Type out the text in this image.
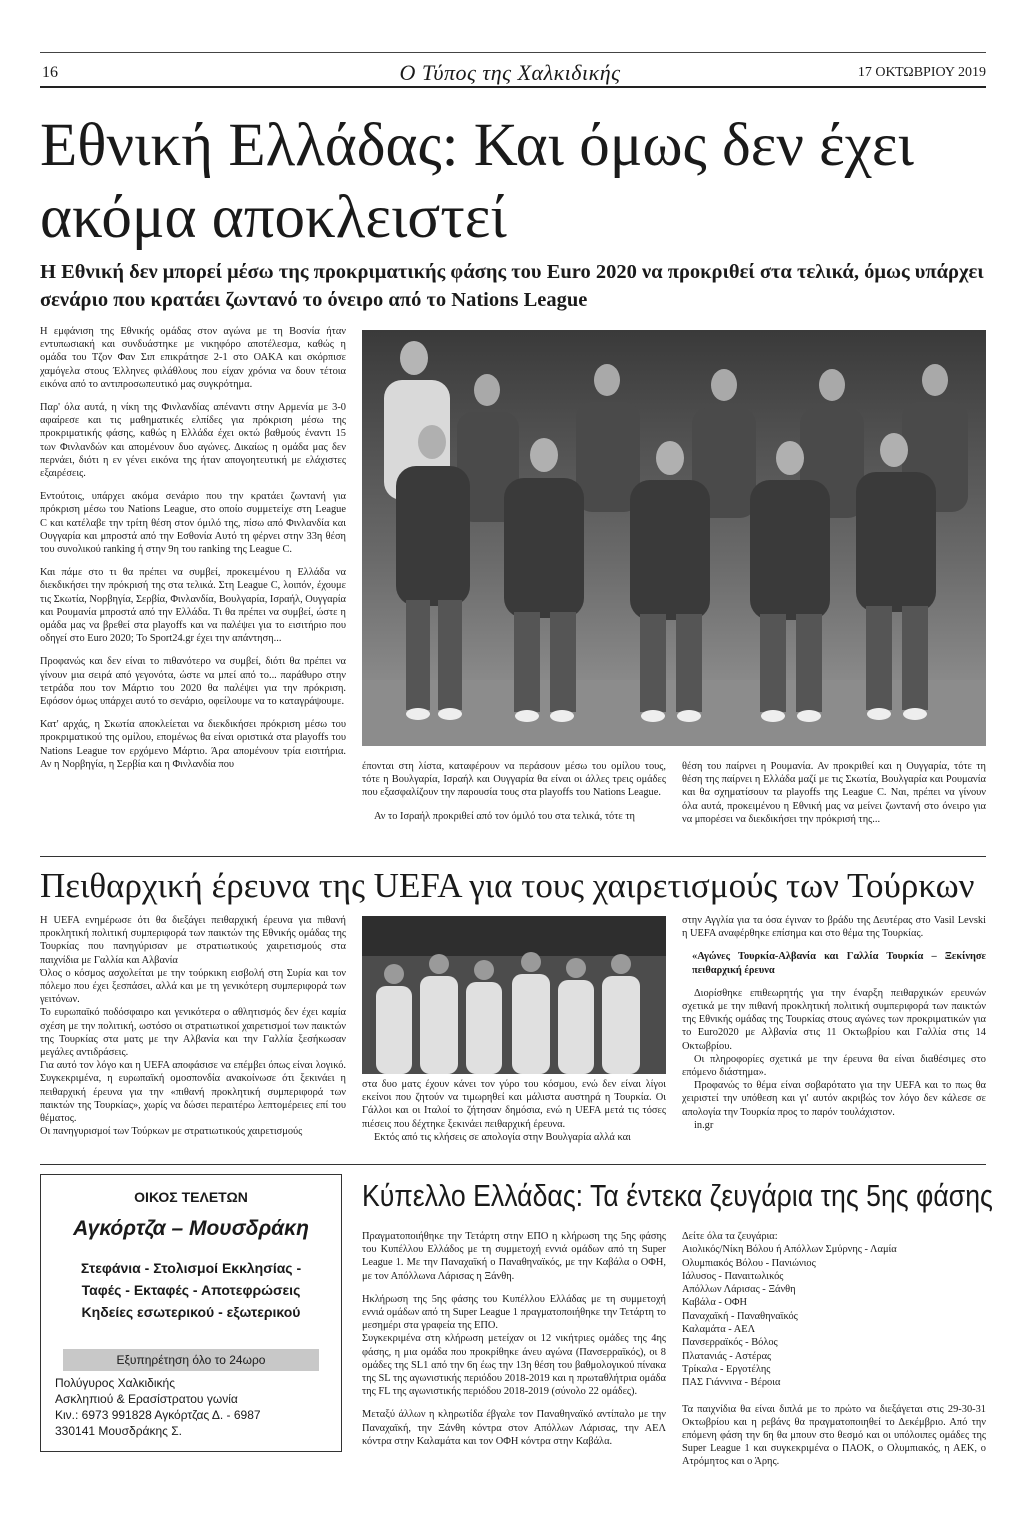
16	Ο Τύπος της Χαλκιδικής	17 ΟΚΤΩΒΡΙΟΥ 2019
Εθνική Ελλάδας: Και όμως δεν έχει
ακόμα αποκλειστεί
Η Εθνική δεν μπορεί μέσω της προκριματικής φάσης του Euro 2020 να προκριθεί στα τελικά, όμως υπάρχει σενάριο που κρατάει ζωντανό το όνειρο από το Nations League

Η εμφάνιση της Εθνικής ομάδας στον αγώνα με τη Βοσνία ήταν εντυπωσιακή και συνδυάστηκε με νικηφόρο αποτέλεσμα, καθώς η ομάδα του Τζον Φαν Σιπ επικράτησε 2-1 στο ΟΑΚΑ και σκόρπισε χαμόγελα στους Έλληνες φιλάθλους που είχαν χρόνια να δουν τέτοια εικόνα από το αντιπροσωπευτικό μας συγκρότημα.

Παρ' όλα αυτά, η νίκη της Φινλανδίας απέναντι στην Αρμενία με 3-0 αφαίρεσε και τις μαθηματικές ελπίδες για πρόκριση μέσω της προκριματικής φάσης, καθώς η Ελλάδα έχει οκτώ βαθμούς έναντι 15 των Φινλανδών και απομένουν δυο αγώνες. Δικαίως η ομάδα μας δεν περνάει, διότι η εν γένει εικόνα της ήταν απογοητευτική με ελάχιστες εξαιρέσεις.

Εντούτοις, υπάρχει ακόμα σενάριο που την κρατάει ζωντανή για πρόκριση μέσω του Nations League, στο οποίο συμμετείχε στη League C και κατέλαβε την τρίτη θέση στον όμιλό της, πίσω από Φινλανδία και Ουγγαρία και μπροστά από την Εσθονία Αυτό τη φέρνει στην 33η θέση του συνολικού ranking ή στην 9η του ranking της League C.

Και πάμε στο τι θα πρέπει να συμβεί, προκειμένου η Ελλάδα να διεκδικήσει την πρόκρισή της στα τελικά. Στη League C, λοιπόν, έχουμε τις Σκωτία, Νορβηγία, Σερβία, Φινλανδία, Βουλγαρία, Ισραήλ, Ουγγαρία και Ρουμανία μπροστά από την Ελλάδα. Τι θα πρέπει να συμβεί, ώστε η ομάδα μας να βρεθεί στα playoffs και να παλέψει για το εισιτήριο που οδηγεί στο Euro 2020; Το Sport24.gr έχει την απάντηση...

Προφανώς και δεν είναι το πιθανότερο να συμβεί, διότι θα πρέπει να γίνουν μια σειρά από γεγονότα, ώστε να μπεί από το... παράθυρο στην τετράδα που τον Μάρτιο του 2020 θα παλέψει για την πρόκριση. Εφόσον όμως υπάρχει αυτό το σενάριο, οφείλουμε να το καταγράψουμε.

Κατ' αρχάς, η Σκωτία αποκλείεται να διεκδικήσει πρόκριση μέσω του προκριματικού της ομίλου, επομένως θα είναι οριστικά στα playoffs του Nations League τον ερχόμενο Μάρτιο. Άρα απομένουν τρία εισιτήρια. Αν η Νορβηγία, η Σερβία και η Φινλανδία που	έπονται στη λίστα, καταφέρουν να περάσουν μέσω του ομίλου τους, τότε η Βουλγαρία, Ισραήλ και Ουγγαρία θα είναι οι άλλες τρεις ομάδες που εξασφαλίζουν την παρουσία τους στα playoffs του Nations League.

Αν το Ισραήλ προκριθεί από τον όμιλό του στα τελικά, τότε τη

θέση του παίρνει η Ρουμανία. Αν προκριθεί και η Ουγγαρία, τότε τη θέση της παίρνει η Ελλάδα μαζί με τις Σκωτία, Βουλγαρία και Ρουμανία και θα σχηματίσουν τα playoffs της League C. Ναι, πρέπει να γίνουν όλα αυτά, προκειμένου η Εθνική μας να μείνει ζωντανή στο όνειρο για να μπορέσει να διεκδικήσει την πρόκρισή της...

Πειθαρχική έρευνα της UEFA για τους χαιρετισμούς των Τούρκων

Η UEFA ενημέρωσε ότι θα διεξάγει πειθαρχική έρευνα για πιθανή προκλητική πολιτική συμπεριφορά των παικτών της Εθνικής ομάδας της Τουρκίας που πανηγύρισαν με στρατιωτικούς χαιρετισμούς στα παιχνίδια με Γαλλία και Αλβανία

Όλος ο κόσμος ασχολείται με την τούρκικη εισβολή στη Συρία και τον πόλεμο που έχει ξεσπάσει, αλλά και με τη γενικότερη συμπεριφορά των γειτόνων.

Το ευρωπαϊκό ποδόσφαιρο και γενικότερα ο αθλητισμός δεν έχει καμία σχέση με την πολιτική, ωστόσο οι στρατιωτικοί χαιρετισμοί των παικτών της Τουρκίας στα ματς με την Αλβανία και την Γαλλία ξεσήκωσαν μεγάλες αντιδράσεις.

Για αυτό τον λόγο και η UEFA αποφάσισε να επέμβει όπως είναι λογικό. Συγκεκριμένα, η ευρωπαϊκή ομοσπονδία ανακοίνωσε ότι ξεκινάει η πειθαρχική έρευνα για την «πιθανή προκλητική συμπεριφορά των παικτών της Τουρκίας», χωρίς να δώσει περαιτέρω λεπτομέρειες επί του θέματος.

Οι πανηγυρισμοί των Τούρκων με στρατιωτικούς χαιρετισμούς

στα δυο ματς έχουν κάνει τον γύρο του κόσμου, ενώ δεν είναι λίγοι εκείνοι που ζητούν να τιμωρηθεί και μάλιστα αυστηρά η Τουρκία. Οι Γάλλοι και οι Ιταλοί το ζήτησαν δημόσια, ενώ η UEFA μετά τις τόσες πιέσεις που δέχτηκε ξεκινάει πειθαρχική έρευνα.

Εκτός από τις κλήσεις σε απολογία στην Βουλγαρία αλλά και

στην Αγγλία για τα όσα έγιναν το βράδυ της Δευτέρας στο Vasil Levski η UEFA αναφέρθηκε επίσημα και στο θέμα της Τουρκίας.

«Αγώνες Τουρκία-Αλβανία και Γαλλία Τουρκία – Ξεκίνησε πειθαρχική έρευνα

Διορίσθηκε επιθεωρητής για την έναρξη πειθαρχικών ερευνών σχετικά με την πιθανή προκλητική πολιτική συμπεριφορά των παικτών της Εθνικής ομάδας της Τουρκίας στους αγώνες των προκριματικών για το Euro2020 με Αλβανία στις 11 Οκτωβρίου και Γαλλία στις 14 Οκτωβρίου.

Οι πληροφορίες σχετικά με την έρευνα θα είναι διαθέσιμες στο επόμενο διάστημα».

Προφανώς το θέμα είναι σοβαρότατο για την UEFA και το πως θα χειριστεί την υπόθεση και γι' αυτόν ακριβώς τον λόγο δεν κάλεσε σε απολογία την Τουρκία προς το παρόν τουλάχιστον.

in.gr

ΟΙΚΟΣ ΤΕΛΕΤΩΝ
Αγκόρτζα – Μουσδράκη
Στεφάνια - Στολισμοί Εκκλησίας -
Ταφές - Εκταφές - Αποτεφρώσεις
Κηδείες εσωτερικού - εξωτερικού
Εξυπηρέτηση όλο το 24ωρο
Πολύγυρος Χαλκιδικής
Ασκληπιού & Ερασίστρατου γωνία
Κιν.: 6973 991828 Αγκόρτζας Δ. - 6987
330141 Μουσδράκης Σ.
Κύπελλο Ελλάδας: Τα έντεκα ζευγάρια της 5ης φάσης

Πραγματοποιήθηκε την Τετάρτη στην ΕΠΟ η κλήρωση της 5ης φάσης του Κυπέλλου Ελλάδος με τη συμμετοχή εννιά ομάδων από τη Super League 1. Με την Παναχαϊκή ο Παναθηναϊκός, με την Καβάλα ο ΟΦΗ, με τον Απόλλωνα Λάρισας η Ξάνθη.

Ηκλήρωση της 5ης φάσης του Κυπέλλου Ελλάδας με τη συμμετοχή εννιά ομάδων από τη Super League 1 πραγματοποιήθηκε την Τετάρτη το μεσημέρι στα γραφεία της ΕΠΟ.

Συγκεκριμένα στη κλήρωση μετείχαν οι 12 νικήτριες ομάδες της 4ης φάσης, η μια ομάδα που προκρίθηκε άνευ αγώνα (Πανσερραϊκός), οι 8 ομάδες της SL1 από την 6η έως την 13η θέση του βαθμολογικού πίνακα της SL της αγωνιστικής περιόδου 2018-2019 και η πρωταθλήτρια ομάδα της FL της αγωνιστικής περιόδου 2018-2019 (σύνολο 22 ομάδες).

Μεταξύ άλλων η κληρωτίδα έβγαλε τον Παναθηναϊκό αντίπαλο με την Παναχαϊκή, την Ξάνθη κόντρα στον Απόλλων Λάρισας, την ΑΕΛ κόντρα στην Καλαμάτα και τον ΟΦΗ κόντρα στην Καβάλα.

Δείτε όλα τα ζευγάρια:
Αιολικός/Νίκη Βόλου ή Απόλλων Σμύρνης - Λαμία
Ολυμπιακός Βόλου - Πανιώνιος
Ιάλυσος - Παναιτωλικός
Απόλλων Λάρισας - Ξάνθη
Καβάλα - ΟΦΗ
Παναχαϊκή - Παναθηναϊκός
Καλαμάτα - ΑΕΛ
Πανσερραϊκός - Βόλος
Πλατανιάς - Αστέρας
Τρίκαλα - Εργοτέλης
ΠΑΣ Γιάννινα - Βέροια

Τα παιχνίδια θα είναι διπλά με το πρώτο να διεξάγεται στις 29-30-31 Οκτωβρίου και η ρεβάνς θα πραγματοποιηθεί το Δεκέμβριο. Από την επόμενη φάση την 6η θα μπουν στο θεσμό και οι υπόλοιπες ομάδες της Super League 1 και συγκεκριμένα ο ΠΑΟΚ, ο Ολυμπιακός, η ΑΕΚ, ο Ατρόμητος και ο Άρης.
